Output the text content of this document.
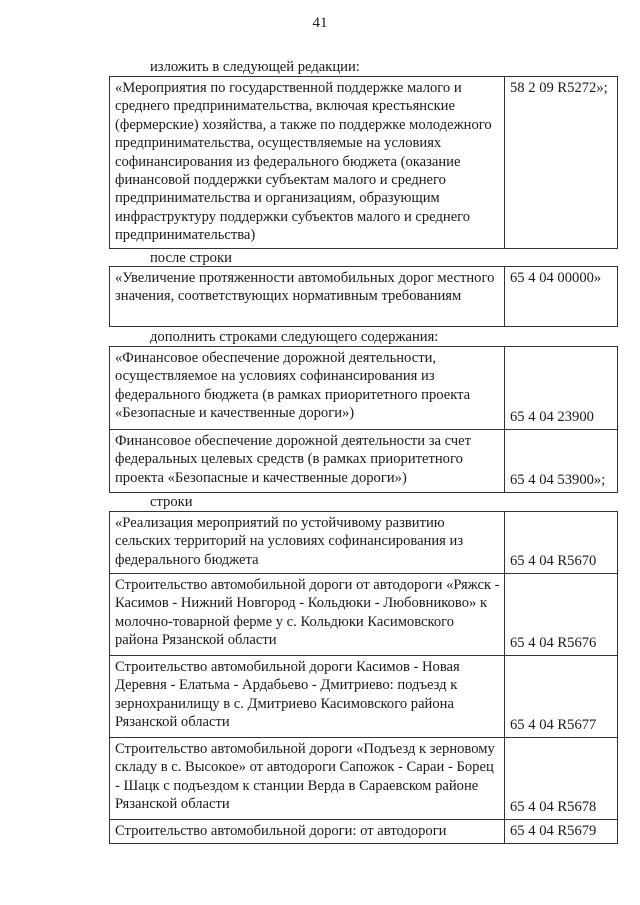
41
изложить в следующей редакции:
«Мероприятия по государственной поддержке малого и среднего предпринимательства, включая крестьянские (фермерские) хозяйства, а также по поддержке молодежного предпринимательства, осуществляемые на условиях софинансирования из федерального бюджета (оказание финансовой поддержки субъектам малого и среднего предпринимательства и организациям, образующим инфраструктуру поддержки субъектов малого и среднего предпринимательства)	58 2 09 R5272»;
после строки
«Увеличение протяженности автомобильных дорог местного значения, соответствующих нормативным требованиям	65 4 04 00000»
дополнить строками следующего содержания:
«Финансовое обеспечение дорожной деятельности, осуществляемое на условиях софинансирования из федерального бюджета (в рамках приоритетного проекта «Безопасные и качественные дороги»)	65 4 04 23900
Финансовое обеспечение дорожной деятельности за счет федеральных целевых средств (в рамках приоритетного проекта «Безопасные и качественные дороги»)	65 4 04 53900»;
строки
«Реализация мероприятий по устойчивому развитию сельских территорий на условиях софинансирования из федерального бюджета	65 4 04 R5670
Строительство автомобильной дороги от автодороги «Ряжск - Касимов - Нижний Новгород - Кольдюки - Любовниково» к молочно-товарной ферме у с. Кольдюки Касимовского района Рязанской области	65 4 04 R5676
Строительство автомобильной дороги Касимов - Новая Деревня - Елатьма - Ардабьево - Дмитриево: подъезд к зернохранилищу в с. Дмитриево Касимовского района Рязанской области	65 4 04 R5677
Строительство автомобильной дороги «Подъезд к зерновому складу в с. Высокое» от автодороги Сапожок - Сараи - Борец - Шацк с подъездом к станции Верда в Сараевском районе Рязанской области	65 4 04 R5678
Строительство автомобильной дороги: от автодороги	65 4 04 R5679
